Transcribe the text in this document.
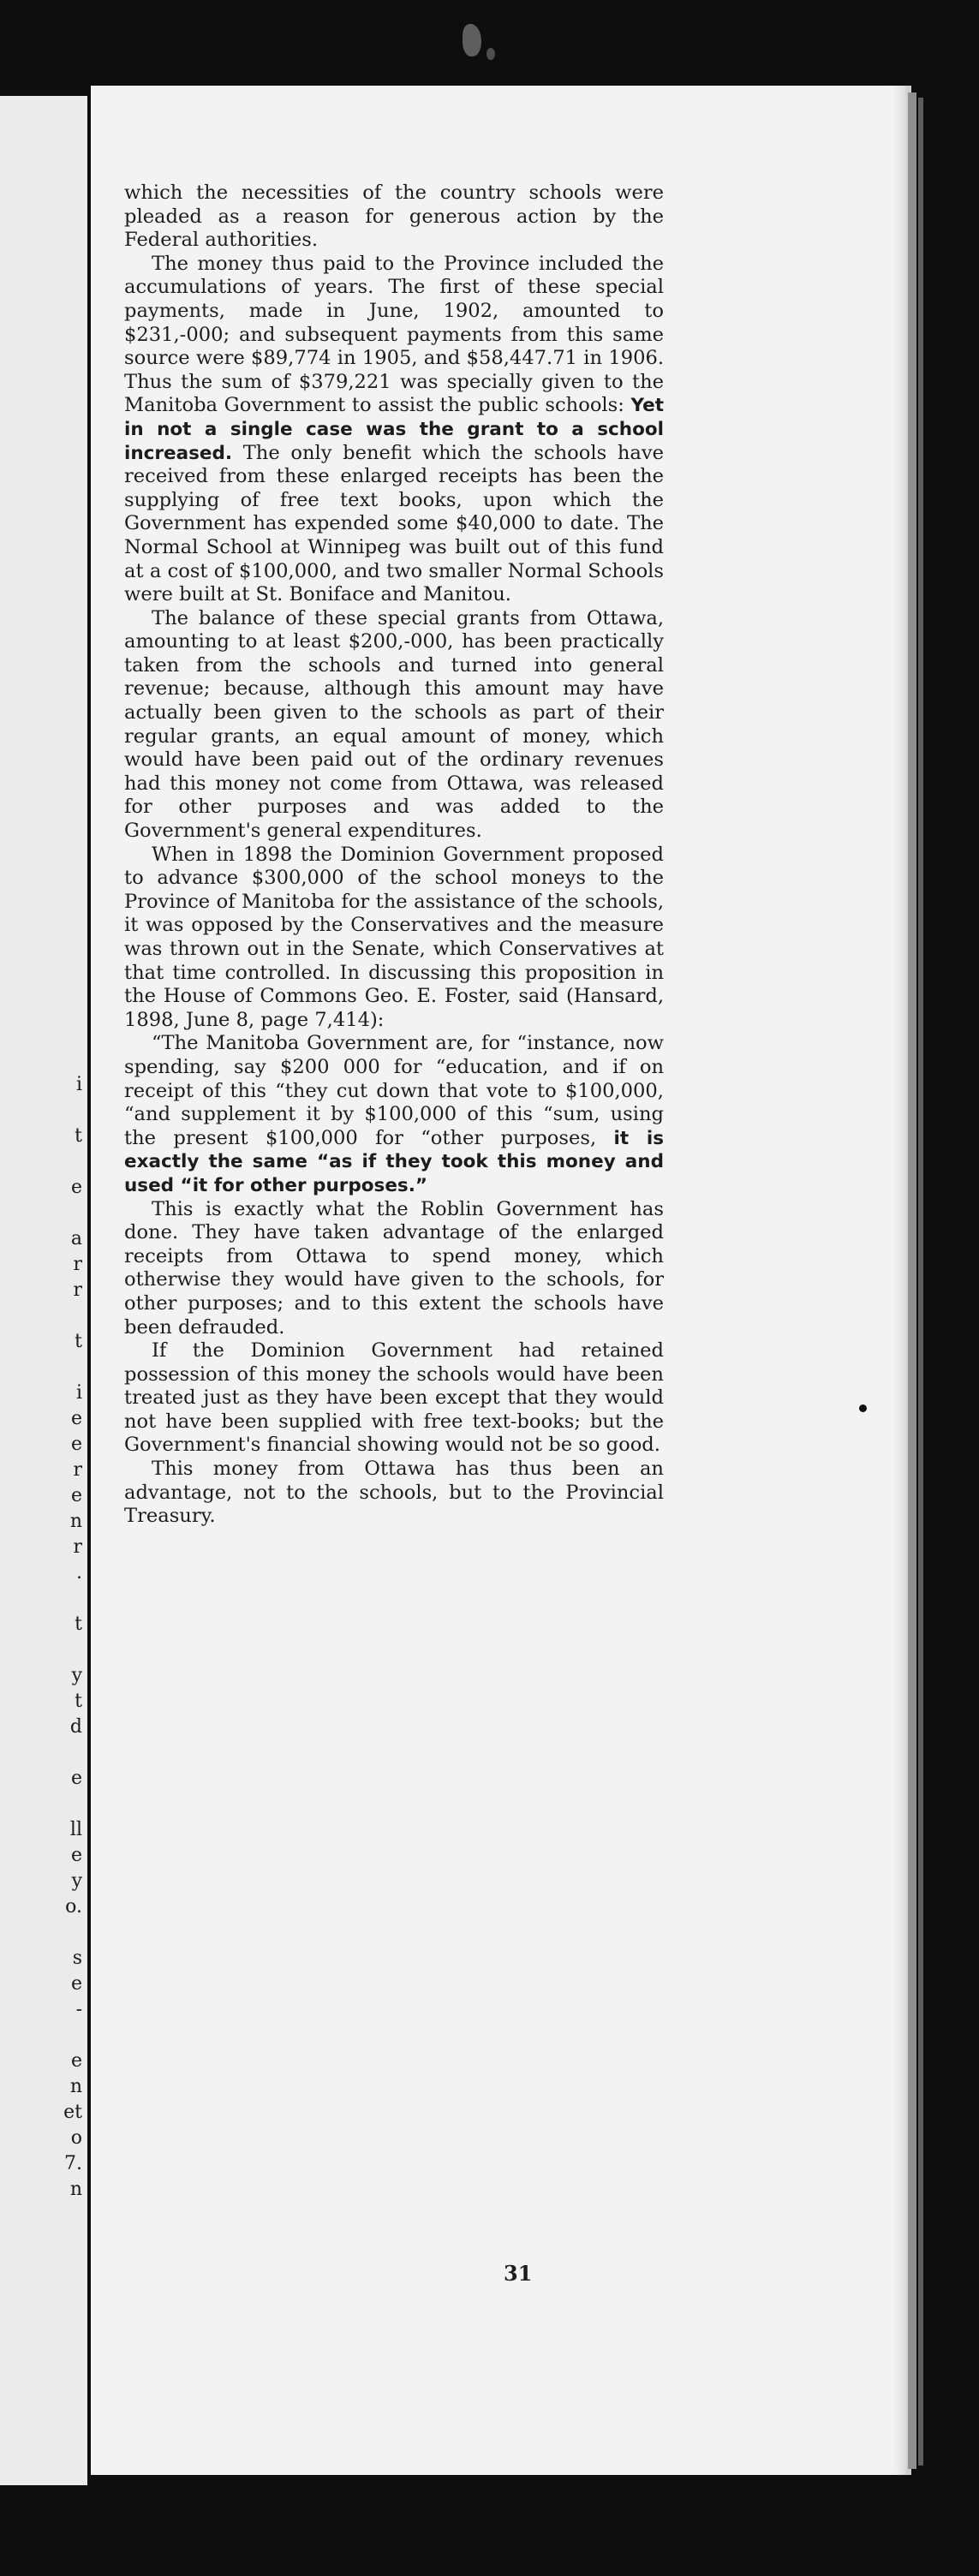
i

t

e

a
r
r

t

i
e
e
r
e
n
r
.

t

y
t
d

e

ll
e
y
o.

s
e
-

e
n
et
o
7.
n

which the necessities of the country schools were pleaded as a reason for generous action by the Federal authorities.

The money thus paid to the Province included the accumulations of years. The first of these special payments, made in June, 1902, amounted to $231,-000; and subsequent payments from this same source were $89,774 in 1905, and $58,447.71 in 1906. Thus the sum of $379,221 was specially given to the Manitoba Government to assist the public schools: Yet in not a single case was the grant to a school increased. The only benefit which the schools have received from these enlarged receipts has been the supplying of free text books, upon which the Government has expended some $40,000 to date. The Normal School at Winnipeg was built out of this fund at a cost of $100,000, and two smaller Normal Schools were built at St. Boniface and Manitou.

The balance of these special grants from Ottawa, amounting to at least $200,-000, has been practically taken from the schools and turned into general revenue; because, although this amount may have actually been given to the schools as part of their regular grants, an equal amount of money, which would have been paid out of the ordinary revenues had this money not come from Ottawa, was released for other purposes and was added to the Government's general expenditures.

When in 1898 the Dominion Government proposed to advance $300,000 of the school moneys to the Province of Manitoba for the assistance of the schools, it was opposed by the Conservatives and the measure was thrown out in the Senate, which Conservatives at that time controlled. In discussing this proposition in the House of Commons Geo. E. Foster, said (Hansard, 1898, June 8, page 7,414):

“The Manitoba Government are, for “instance, now spending, say $200 000 for “education, and if on receipt of this “they cut down that vote to $100,000, “and supplement it by $100,000 of this “sum, using the present $100,000 for “other purposes, it is exactly the same “as if they took this money and used “it for other purposes.”

This is exactly what the Roblin Government has done. They have taken advantage of the enlarged receipts from Ottawa to spend money, which otherwise they would have given to the schools, for other purposes; and to this extent the schools have been defrauded.

If the Dominion Government had retained possession of this money the schools would have been treated just as they have been except that they would not have been supplied with free text-books; but the Government's financial showing would not be so good.

This money from Ottawa has thus been an advantage, not to the schools, but to the Provincial Treasury.

31
